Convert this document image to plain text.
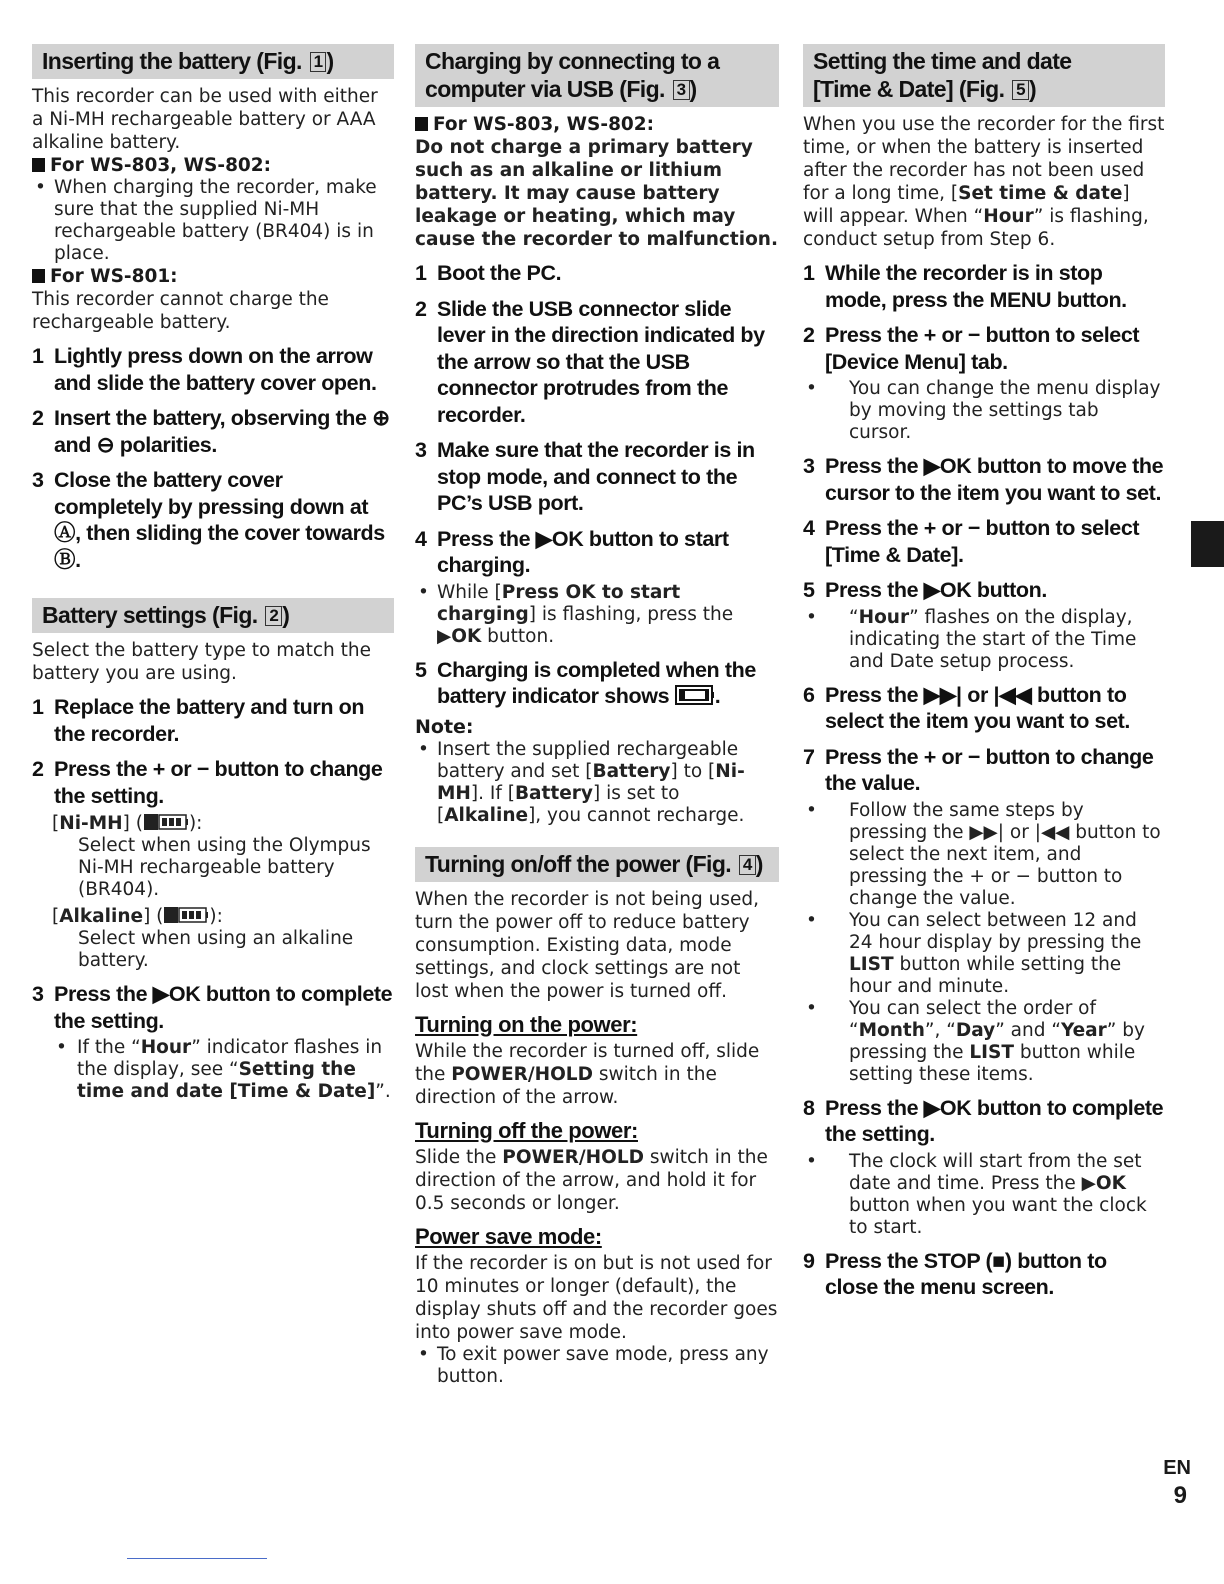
Inserting the battery (Fig. 1 )
This recorder can be used with either a Ni-MH rechargeable battery or AAA alkaline battery.
For WS-803, WS-802:
• When charging the recorder, make sure that the supplied Ni-MH rechargeable battery (BR404) is in place.
For WS-801:
This recorder cannot charge the rechargeable battery.
1 Lightly press down on the arrow and slide the battery cover open.
2 Insert the battery, observing the ⊕ and ⊖ polarities.
3 Close the battery cover completely by pressing down at Ⓐ, then sliding the cover towards Ⓑ.
Battery settings (Fig. 2 )
Select the battery type to match the battery you are using.
1 Replace the battery and turn on the recorder.
2 Press the + or − button to change the setting.
[Ni-MH] ( ):
Select when using the Olympus Ni-MH rechargeable battery (BR404).
[Alkaline] ( ):
Select when using an alkaline battery.
3 Press the ▶OK button to complete the setting.
• If the “Hour” indicator flashes in the display, see “Setting the time and date [Time & Date]”.
Charging by connecting to a
computer via USB (Fig. 3 )
For WS-803, WS-802:
Do not charge a primary battery such as an alkaline or lithium battery. It may cause battery leakage or heating, which may cause the recorder to malfunction.
1 Boot the PC.
2 Slide the USB connector slide lever in the direction indicated by the arrow so that the USB connector protrudes from the recorder.
3 Make sure that the recorder is in stop mode, and connect to the PC’s USB port.
4 Press the ▶OK button to start charging.
• While [Press OK to start charging] is flashing, press the ▶OK button.
5 Charging is completed when the battery indicator shows .
Note:
• Insert the supplied rechargeable battery and set [Battery] to [Ni-MH]. If [Battery] is set to [Alkaline], you cannot recharge.
Turning on/off the power (Fig. 4 )
When the recorder is not being used, turn the power off to reduce battery consumption. Existing data, mode settings, and clock settings are not lost when the power is turned off.
Turning on the power:
While the recorder is turned off, slide the POWER/HOLD switch in the direction of the arrow.
Turning off the power:
Slide the POWER/HOLD switch in the direction of the arrow, and hold it for 0.5 seconds or longer.
Power save mode:
If the recorder is on but is not used for 10 minutes or longer (default), the display shuts off and the recorder goes into power save mode.
• To exit power save mode, press any button.
Setting the time and date
[Time & Date] (Fig. 5 )
When you use the recorder for the first time, or when the battery is inserted after the recorder has not been used for a long time, [Set time & date] will appear. When “Hour” is flashing, conduct setup from Step 6.
1 While the recorder is in stop mode, press the MENU button.
2 Press the + or − button to select [Device Menu] tab.
• You can change the menu display by moving the settings tab cursor.
3 Press the ▶OK button to move the cursor to the item you want to set.
4 Press the + or − button to select [Time & Date].
5 Press the ▶OK button.
• “Hour” flashes on the display, indicating the start of the Time and Date setup process.
6 Press the ▶▶| or |◀◀ button to select the item you want to set.
7 Press the + or − button to change the value.
• Follow the same steps by pressing the ▶▶| or |◀◀ button to select the next item, and pressing the + or − button to change the value.
• You can select between 12 and 24 hour display by pressing the LIST button while setting the hour and minute.
• You can select the order of “Month”, “Day” and “Year” by pressing the LIST button while setting these items.
8 Press the ▶OK button to complete the setting.
• The clock will start from the set date and time. Press the ▶OK button when you want the clock to start.
9 Press the STOP (■) button to close the menu screen.
EN
9
